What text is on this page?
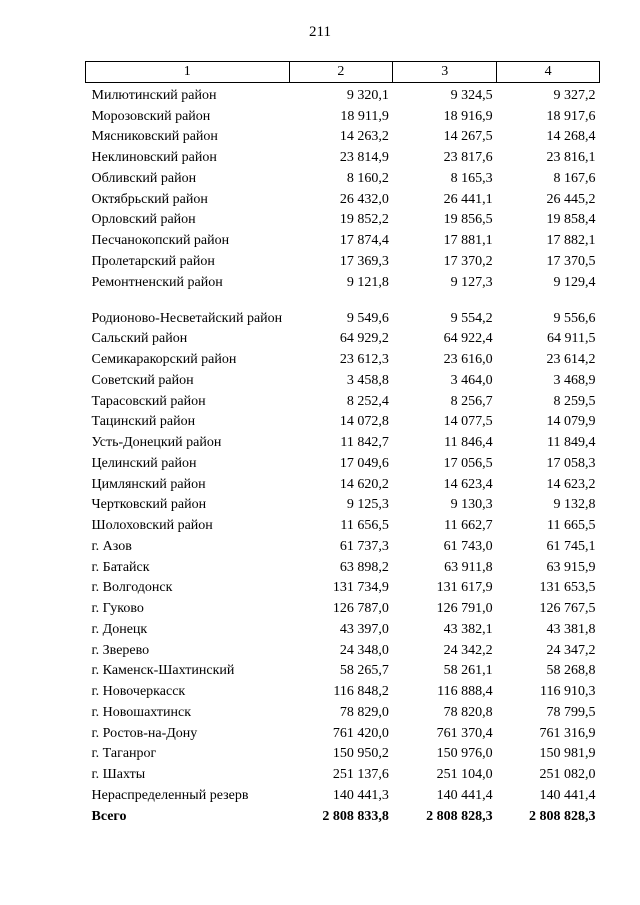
211
1	2	3	4
Милютинский район	9 320,1	9 324,5	9 327,2
Морозовский район	18 911,9	18 916,9	18 917,6
Мясниковский район	14 263,2	14 267,5	14 268,4
Неклиновский район	23 814,9	23 817,6	23 816,1
Обливский район	8 160,2	8 165,3	8 167,6
Октябрьский район	26 432,0	26 441,1	26 445,2
Орловский район	19 852,2	19 856,5	19 858,4
Песчанокопский район	17 874,4	17 881,1	17 882,1
Пролетарский район	17 369,3	17 370,2	17 370,5
Ремонтненский район	9 121,8	9 127,3	9 129,4
Родионово-Несветайский район	9 549,6	9 554,2	9 556,6
Сальский район	64 929,2	64 922,4	64 911,5
Семикаракорский район	23 612,3	23 616,0	23 614,2
Советский район	3 458,8	3 464,0	3 468,9
Тарасовский район	8 252,4	8 256,7	8 259,5
Тацинский район	14 072,8	14 077,5	14 079,9
Усть-Донецкий район	11 842,7	11 846,4	11 849,4
Целинский район	17 049,6	17 056,5	17 058,3
Цимлянский район	14 620,2	14 623,4	14 623,2
Чертковский район	9 125,3	9 130,3	9 132,8
Шолоховский район	11 656,5	11 662,7	11 665,5
г. Азов	61 737,3	61 743,0	61 745,1
г. Батайск	63 898,2	63 911,8	63 915,9
г. Волгодонск	131 734,9	131 617,9	131 653,5
г. Гуково	126 787,0	126 791,0	126 767,5
г. Донецк	43 397,0	43 382,1	43 381,8
г. Зверево	24 348,0	24 342,2	24 347,2
г. Каменск-Шахтинский	58 265,7	58 261,1	58 268,8
г. Новочеркасск	116 848,2	116 888,4	116 910,3
г. Новошахтинск	78 829,0	78 820,8	78 799,5
г. Ростов-на-Дону	761 420,0	761 370,4	761 316,9
г. Таганрог	150 950,2	150 976,0	150 981,9
г. Шахты	251 137,6	251 104,0	251 082,0
Нераспределенный резерв	140 441,3	140 441,4	140 441,4
Всего	2 808 833,8	2 808 828,3	2 808 828,3
